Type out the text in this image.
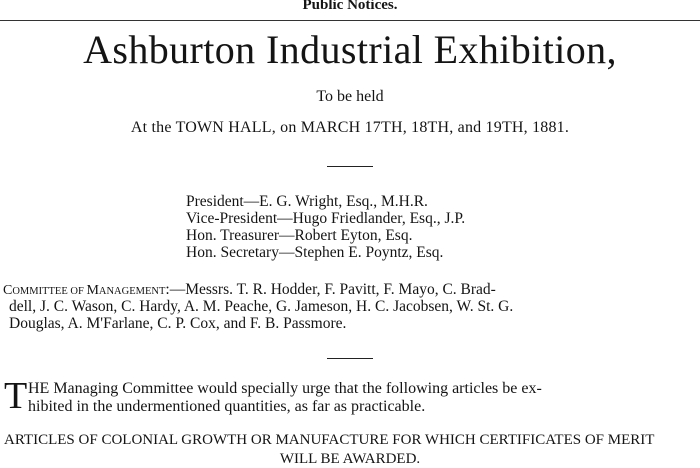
Public Notices.
Ashburton Industrial Exhibition,
To be held
At the TOWN HALL, on MARCH 17TH, 18TH, and 19TH, 1881.
President—E. G. Wright, Esq., M.H.R.
Vice-President—Hugo Friedlander, Esq., J.P.
Hon. Treasurer—Robert Eyton, Esq.
Hon. Secretary—Stephen E. Poyntz, Esq.
COMMITTEE OF MANAGEMENT:—Messrs. T. R. Hodder, F. Pavitt, F. Mayo, C. Brad-
dell, J. C. Wason, C. Hardy, A. M. Peache, G. Jameson, H. C. Jacobsen, W. St. G.
Douglas, A. M'Farlane, C. P. Cox, and F. B. Passmore.
T HE Managing Committee would specially urge that the following articles be ex-
hibited in the undermentioned quantities, as far as practicable.
ARTICLES OF COLONIAL GROWTH OR MANUFACTURE FOR WHICH CERTIFICATES OF MERIT
WILL BE AWARDED.
